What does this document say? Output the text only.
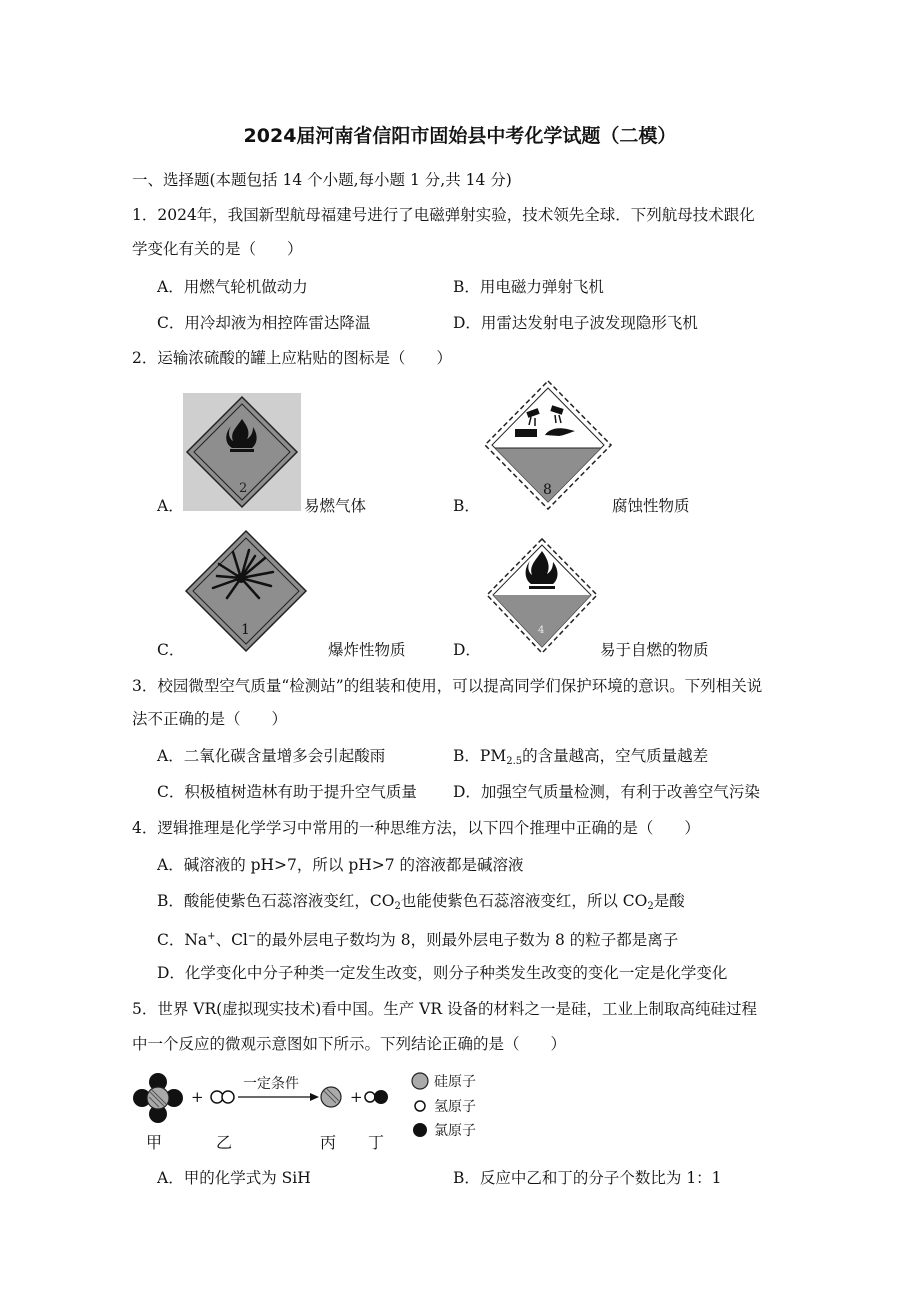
2024届河南省信阳市固始县中考化学试题（二模）
一、选择题(本题包括 14 个小题,每小题 1 分,共 14 分)
1．2024年，我国新型航母福建号进行了电磁弹射实验，技术领先全球．下列航母技术跟化
学变化有关的是（　　）
A．用燃气轮机做动力	B．用电磁力弹射飞机
C．用冷却液为相控阵雷达降温	D．用雷达发射电子波发现隐形飞机
2．运输浓硫酸的罐上应粘贴的图标是（　　）
2
A．	易燃气体
8
B．	腐蚀性物质
1
C．	爆炸性物质
4
D．	易于自燃的物质
3．校园微型空气质量“检测站”的组装和使用，可以提高同学们保护环境的意识。下列相关说
法不正确的是（　　）
A．二氧化碳含量增多会引起酸雨	B．$PM_{2.5}$的含量越高，空气质量越差
C．积极植树造林有助于提升空气质量 D．加强空气质量检测，有利于改善空气污染
4．逻辑推理是化学学习中常用的一种思维方法，以下四个推理中正确的是（　　）
A．碱溶液的 pH>7，所以 pH>7 的溶液都是碱溶液
B．酸能使紫色石蕊溶液变红，$CO_2$也能使紫色石蕊溶液变红，所以 $CO_2$是酸
C．Na+、Cl−的最外层电子数均为 8，则最外层电子数为 8 的粒子都是离子
D．化学变化中分子种类一定发生改变，则分子种类发生改变的变化一定是化学变化
5．世界 VR(虚拟现实技术)看中国。生产 VR 设备的材料之一是硅，工业上制取高纯硅过程
中一个反应的微观示意图如下所示。下列结论正确的是（　　）
+
一定条件
+
甲	乙	丙 丁
硅原子
氢原子
氯原子
A．甲的化学式为 SiH	B．反应中乙和丁的分子个数比为 1：1
